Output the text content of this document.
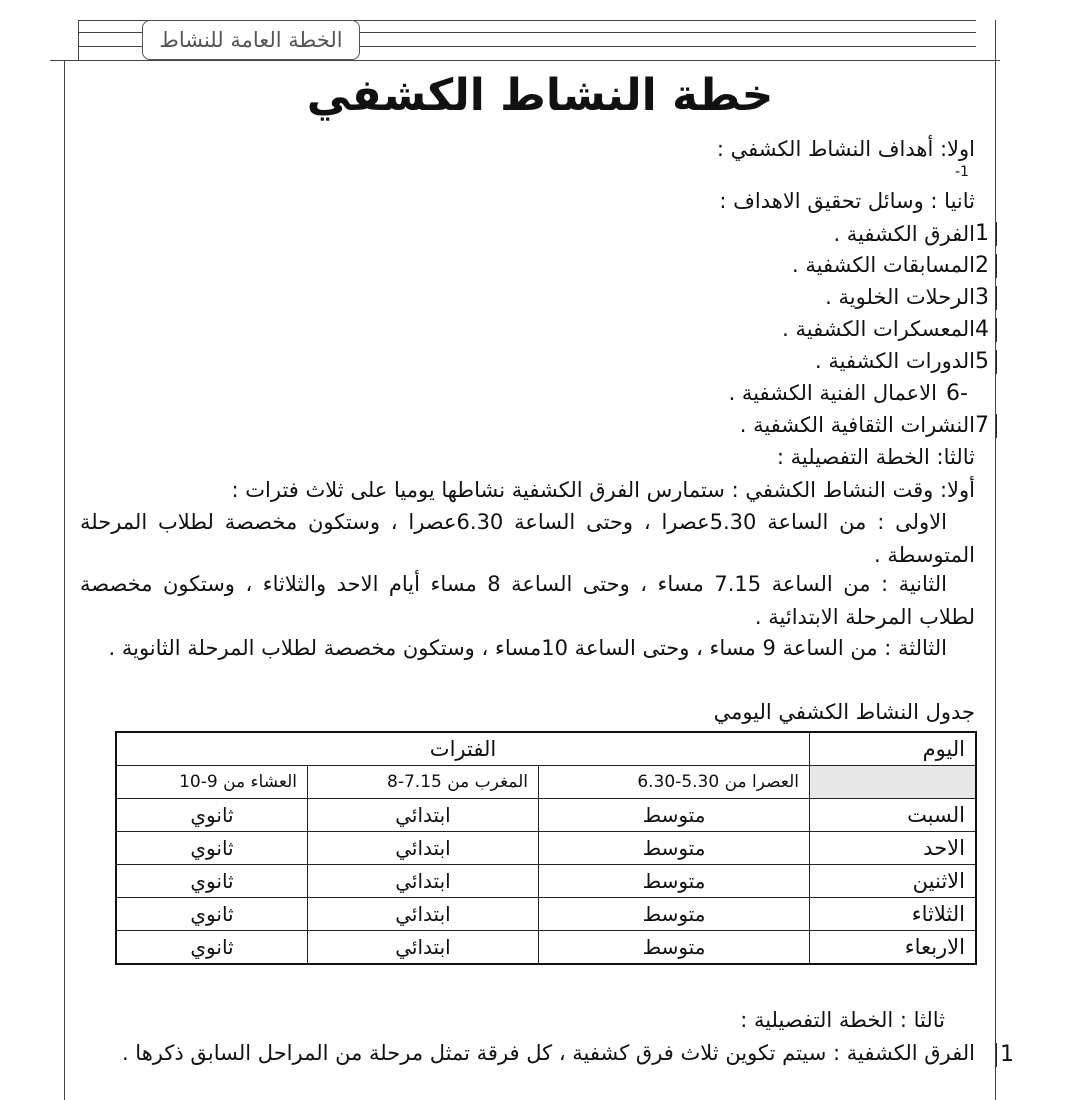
الخطة العامة للنشاط
خطة النشاط الكشفي
اولا: أهداف النشاط الكشفي :
-1
ثانيا : وسائل تحقيق الاهداف :
1
الفرق الكشفية .
2
المسابقات الكشفية .
3
الرحلات الخلوية .
4
المعسكرات الكشفية .
5
الدورات الكشفية .
6-
الاعمال الفنية الكشفية .
7
النشرات الثقافية الكشفية .
ثالثا: الخطة التفصيلية :
أولا: وقت النشاط الكشفي : ستمارس الفرق الكشفية نشاطها يوميا على ثلاث فترات :
الاولى : من الساعة 5.30عصرا ، وحتى الساعة 6.30عصرا ، وستكون مخصصة لطلاب المرحلة المتوسطة .
الثانية : من الساعة 7.15 مساء ، وحتى الساعة 8 مساء أيام الاحد والثلاثاء ، وستكون مخصصة لطلاب المرحلة الابتدائية .
الثالثة : من الساعة 9 مساء ، وحتى الساعة 10مساء ، وستكون مخصصة لطلاب المرحلة الثانوية .
جدول النشاط الكشفي اليومي
اليوم	الفترات		
	العصرا من 5.30-6.30	المغرب من 7.15-8	العشاء من 9-10
السبت	متوسط	ابتدائي	ثانوي
الاحد	متوسط	ابتدائي	ثانوي
الاثنين	متوسط	ابتدائي	ثانوي
الثلاثاء	متوسط	ابتدائي	ثانوي
الاربعاء	متوسط	ابتدائي	ثانوي
ثالثا : الخطة التفصيلية :
1
الفرق الكشفية : سيتم تكوين ثلاث فرق كشفية ، كل فرقة تمثل مرحلة من المراحل السابق ذكرها .
